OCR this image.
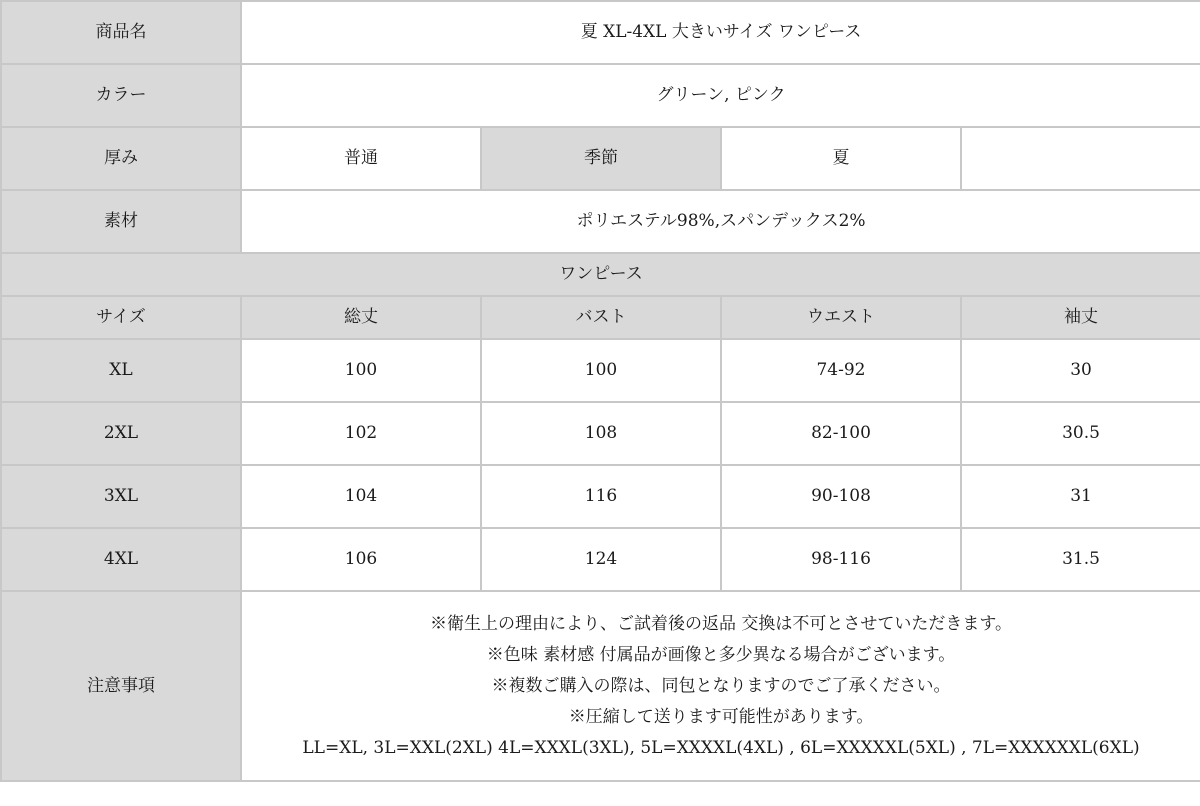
商品名	夏 XL-4XL 大きいサイズ ワンピース			
カラー	グリーン, ピンク			
厚み	普通	季節	夏	
素材	ポリエステル98%,スパンデックス2%			
ワンピース				
サイズ	総丈	バスト	ウエスト	袖丈
XL	100	100	74-92	30
2XL	102	108	82-100	30.5
3XL	104	116	90-108	31
4XL	106	124	98-116	31.5
注意事項	※衛生上の理由により、ご試着後の返品 交換は不可とさせていただきます。
※色味 素材感 付属品が画像と多少異なる場合がございます。
※複数ご購入の際は、同包となりますのでご了承ください。
※圧縮して送ります可能性があります。
LL=XL, 3L=XXL(2XL) 4L=XXXL(3XL), 5L=XXXXL(4XL) , 6L=XXXXXL(5XL) , 7L=XXXXXXL(6XL)			
